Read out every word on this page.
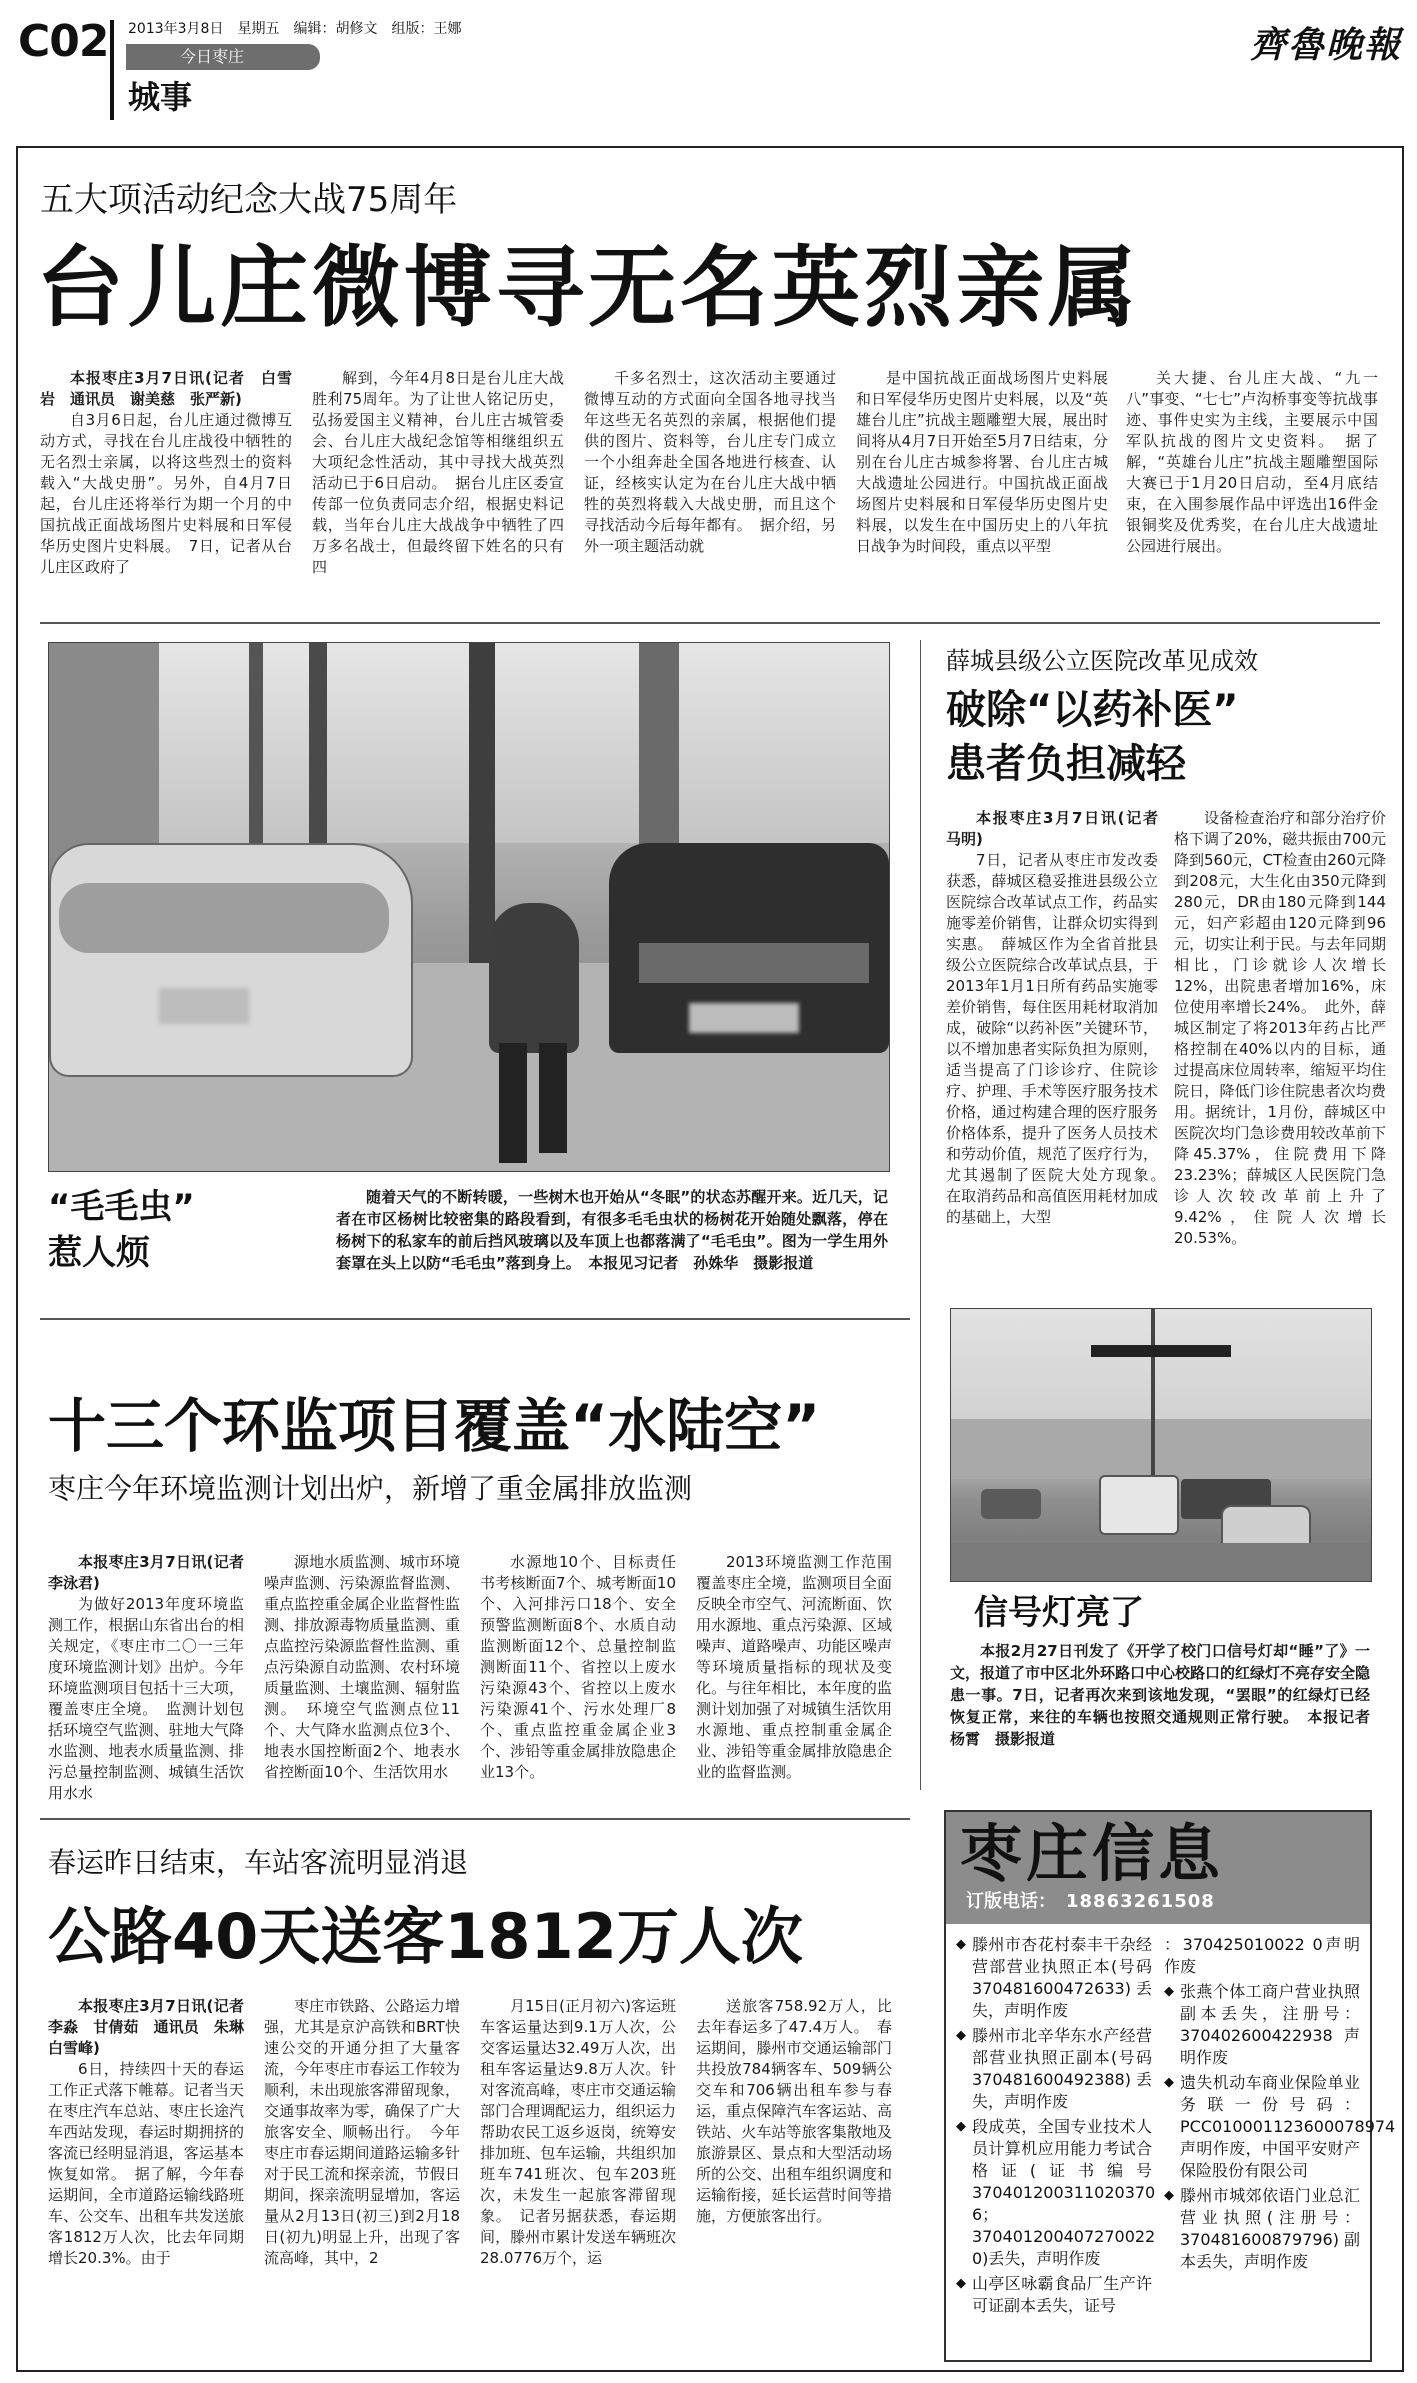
C02 2013年3月8日　星期五　编辑：胡修文　组版：王娜
今日枣庄
城事
齊魯晚報
五大项活动纪念大战75周年
台儿庄微博寻无名英烈亲属

本报枣庄3月7日讯(记者　白雪岩　通讯员　谢美慈　张严新)

自3月6日起，台儿庄通过微博互动方式，寻找在台儿庄战役中牺牲的无名烈士亲属，以将这些烈士的资料载入“大战史册”。另外，自4月7日起，台儿庄还将举行为期一个月的中国抗战正面战场图片史料展和日军侵华历史图片史料展。　7日，记者从台儿庄区政府了

解到，今年4月8日是台儿庄大战胜利75周年。为了让世人铭记历史，弘扬爱国主义精神，台儿庄古城管委会、台儿庄大战纪念馆等相继组织五大项纪念性活动，其中寻找大战英烈活动已于6日启动。　据台儿庄区委宣传部一位负责同志介绍，根据史料记载，当年台儿庄大战战争中牺牲了四万多名战士，但最终留下姓名的只有四

千多名烈士，这次活动主要通过微博互动的方式面向全国各地寻找当年这些无名英烈的亲属，根据他们提供的图片、资料等，台儿庄专门成立一个小组奔赴全国各地进行核查、认证，经核实认定为在台儿庄大战中牺牲的英烈将载入大战史册，而且这个寻找活动今后每年都有。　据介绍，另外一项主题活动就

是中国抗战正面战场图片史料展和日军侵华历史图片史料展，以及“英雄台儿庄”抗战主题雕塑大展，展出时间将从4月7日开始至5月7日结束，分别在台儿庄古城参将署、台儿庄古城大战遗址公园进行。中国抗战正面战场图片史料展和日军侵华历史图片史料展，以发生在中国历史上的八年抗日战争为时间段，重点以平型

关大捷、台儿庄大战、“九一八”事变、“七七”卢沟桥事变等抗战事迹、事件史实为主线，主要展示中国军队抗战的图片文史资料。　据了解，“英雄台儿庄”抗战主题雕塑国际大赛已于1月20日启动，至4月底结束，在入围参展作品中评选出16件金银铜奖及优秀奖，在台儿庄大战遗址公园进行展出。

“毛毛虫”
惹人烦
随着天气的不断转暖，一些树木也开始从“冬眠”的状态苏醒开来。近几天，记者在市区杨树比较密集的路段看到，有很多毛毛虫状的杨树花开始随处飘落，停在杨树下的私家车的前后挡风玻璃以及车顶上也都落满了“毛毛虫”。图为一学生用外套罩在头上以防“毛毛虫”落到身上。　本报见习记者　孙姝华　摄影报道
薛城县级公立医院改革见成效
破除“以药补医”
患者负担减轻

本报枣庄3月7日讯(记者　马明)

7日，记者从枣庄市发改委获悉，薛城区稳妥推进县级公立医院综合改革试点工作，药品实施零差价销售，让群众切实得到实惠。　薛城区作为全省首批县级公立医院综合改革试点县，于2013年1月1日所有药品实施零差价销售，每住医用耗材取消加成，破除“以药补医”关键环节，以不增加患者实际负担为原则，适当提高了门诊诊疗、住院诊疗、护理、手术等医疗服务技术价格，通过构建合理的医疗服务价格体系，提升了医务人员技术和劳动价值，规范了医疗行为，尤其遏制了医院大处方现象。　在取消药品和高值医用耗材加成的基础上，大型

设备检查治疗和部分治疗价格下调了20%，磁共振由700元降到560元，CT检查由260元降到208元，大生化由350元降到280元，DR由180元降到144元，妇产彩超由120元降到96元，切实让利于民。与去年同期相比，门诊就诊人次增长12%，出院患者增加16%，床位使用率增长24%。　此外，薛城区制定了将2013年药占比严格控制在40%以内的目标，通过提高床位周转率，缩短平均住院日，降低门诊住院患者次均费用。据统计，1月份，薛城区中医院次均门急诊费用较改革前下降45.37%，住院费用下降23.23%；薛城区人民医院门急诊人次较改革前上升了9.42%，住院人次增长20.53%。

十三个环监项目覆盖“水陆空”
枣庄今年环境监测计划出炉，新增了重金属排放监测

本报枣庄3月7日讯(记者　李泳君)

为做好2013年度环境监测工作，根据山东省出台的相关规定，《枣庄市二〇一三年度环境监测计划》出炉。今年环境监测项目包括十三大项，覆盖枣庄全境。　监测计划包括环境空气监测、驻地大气降水监测、地表水质量监测、排污总量控制监测、城镇生活饮用水水

源地水质监测、城市环境噪声监测、污染源监督监测、重点监控重金属企业监督性监测、排放源毒物质量监测、重点监控污染源监督性监测、重点污染源自动监测、农村环境质量监测、土壤监测、辐射监测。　环境空气监测点位11个、大气降水监测点位3个、地表水国控断面2个、地表水省控断面10个、生活饮用水

水源地10个、目标责任书考核断面7个、城考断面10个、入河排污口18个、安全预警监测断面8个、水质自动监测断面12个、总量控制监测断面11个、省控以上废水污染源43个、省控以上废水污染源41个、污水处理厂8个、重点监控重金属企业3个、涉铅等重金属排放隐患企业13个。

2013环境监测工作范围覆盖枣庄全境，监测项目全面反映全市空气、河流断面、饮用水源地、重点污染源、区域噪声、道路噪声、功能区噪声等环境质量指标的现状及变化。与往年相比，本年度的监测计划加强了对城镇生活饮用水源地、重点控制重金属企业、涉铅等重金属排放隐患企业的监督监测。

信号灯亮了
本报2月27日刊发了《开学了校门口信号灯却“睡”了》一文，报道了市中区北外环路口中心校路口的红绿灯不亮存安全隐患一事。7日，记者再次来到该地发现，“罢眼”的红绿灯已经恢复正常，来往的车辆也按照交通规则正常行驶。　本报记者　杨霄　摄影报道
春运昨日结束，车站客流明显消退
公路40天送客1812万人次

本报枣庄3月7日讯(记者　李淼　甘倩茹　通讯员　朱琳　白雪峰)

6日，持续四十天的春运工作正式落下帷幕。记者当天在枣庄汽车总站、枣庄长途汽车西站发现，春运时期拥挤的客流已经明显消退，客运基本恢复如常。　据了解，今年春运期间，全市道路运输线路班车、公交车、出租车共发送旅客1812万人次，比去年同期增长20.3%。由于

枣庄市铁路、公路运力增强，尤其是京沪高铁和BRT快速公交的开通分担了大量客流，今年枣庄市春运工作较为顺利，未出现旅客滞留现象，交通事故率为零，确保了广大旅客安全、顺畅出行。　今年枣庄市春运期间道路运输多针对于民工流和探亲流，节假日期间，探亲流明显增加，客运量从2月13日(初三)到2月18日(初九)明显上升，出现了客流高峰，其中，2

月15日(正月初六)客运班车客运量达到9.1万人次，公交客运量达32.49万人次，出租车客运量达9.8万人次。针对客流高峰，枣庄市交通运输部门合理调配运力，组织运力帮助农民工返乡返岗，统筹安排加班、包车运输，共组织加班车741班次、包车203班次，未发生一起旅客滞留现象。　记者另据获悉，春运期间，滕州市累计发送车辆班次28.0776万个，运

送旅客758.92万人，比去年春运多了47.4万人。　春运期间，滕州市交通运输部门共投放784辆客车、509辆公交车和706辆出租车参与春运，重点保障汽车客运站、高铁站、火车站等旅客集散地及旅游景区、景点和大型活动场所的公交、出租车组织调度和运输衔接，延长运营时间等措施，方便旅客出行。

枣庄信息
订版电话： 18863261508
◆ 滕州市杏花村泰丰干杂经营部营业执照正本(号码370481600472633)丢失，声明作废
◆ 滕州市北辛华东水产经营部营业执照正副本(号码370481600492388)丢失，声明作废
◆ 段成英，全国专业技术人员计算机应用能力考试合格证(证书编号370401200311020370 6；370401200407270022 0)丢失，声明作废
◆ 山亭区咏霸食品厂生产许可证副本丢失，证号
：370425010022 0声明作废
◆ 张燕个体工商户营业执照副本丢失，注册号：370402600422938声明作废
◆ 遗失机动车商业保险单业务联一份号码：PCC010001123600078974声明作废，中国平安财产保险股份有限公司
◆ 滕州市城郊依语门业总汇营业执照(注册号：370481600879796)副本丢失，声明作废
